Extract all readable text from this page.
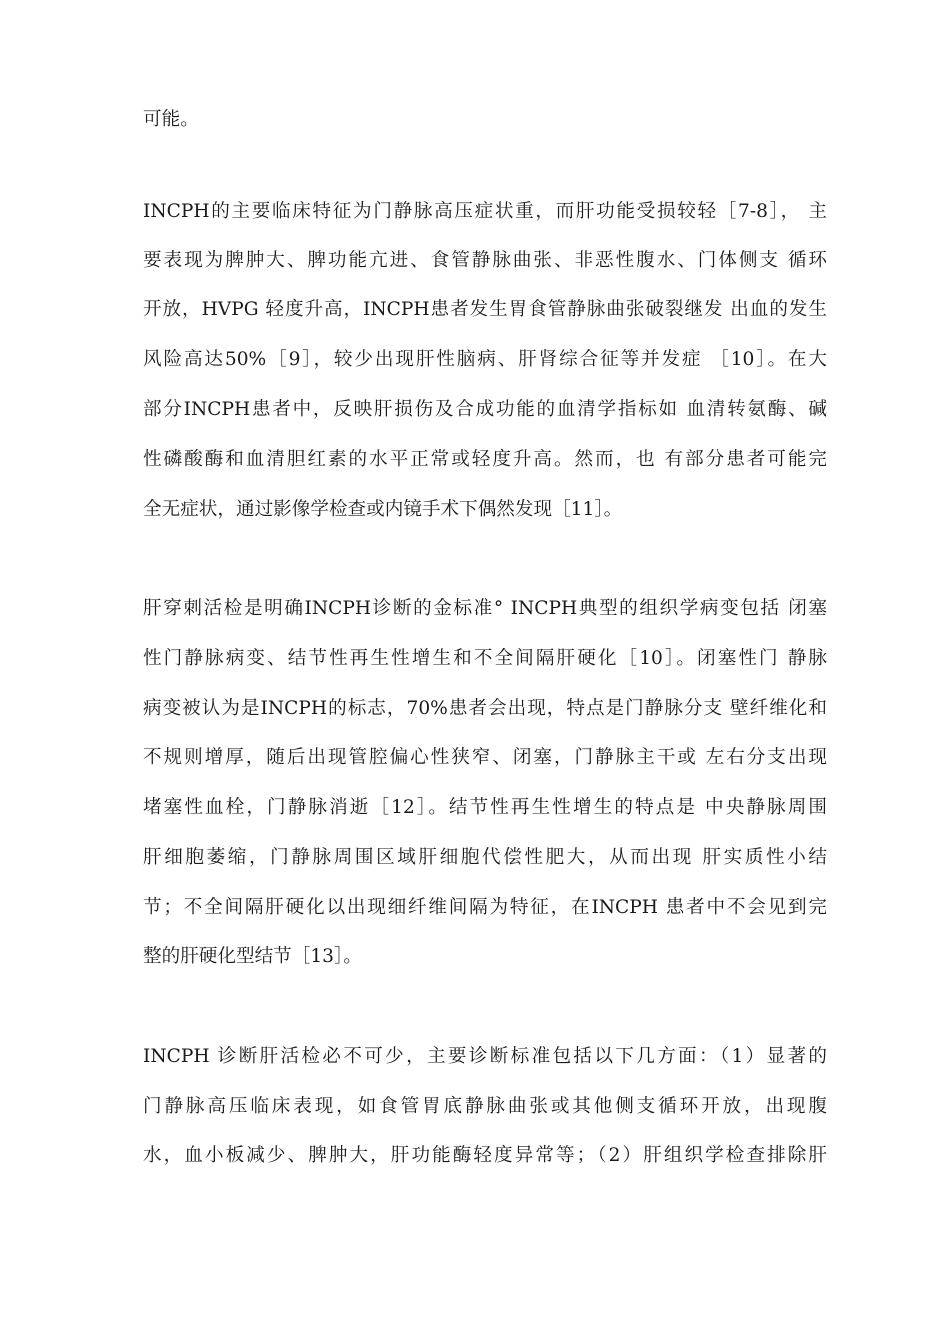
可能。
INCPH的主要临床特征为门静脉高压症状重，而肝功能受损较轻［7-8］， 主
要表现为脾肿大、脾功能亢进、食管静脉曲张、非恶性腹水、门体侧支 循环
开放，HVPG 轻度升高，INCPH患者发生胃食管静脉曲张破裂继发 出血的发生
风险高达50%［9］，较少出现肝性脑病、肝肾综合征等并发症 ［10］。在大
部分INCPH患者中，反映肝损伤及合成功能的血清学指标如 血清转氨酶、碱
性磷酸酶和血清胆红素的水平正常或轻度升高。然而，也 有部分患者可能完
全无症状，通过影像学检查或内镜手术下偶然发现［11］。
肝穿刺活检是明确INCPH诊断的金标准° INCPH典型的组织学病变包括 闭塞
性门静脉病变、结节性再生性增生和不全间隔肝硬化［10］。闭塞性门 静脉
病变被认为是INCPH的标志，70%患者会出现，特点是门静脉分支 壁纤维化和
不规则增厚，随后出现管腔偏心性狭窄、闭塞，门静脉主干或 左右分支出现
堵塞性血栓，门静脉消逝［12］。结节性再生性增生的特点是 中央静脉周围
肝细胞萎缩，门静脉周围区域肝细胞代偿性肥大，从而出现 肝实质性小结
节；不全间隔肝硬化以出现细纤维间隔为特征，在INCPH 患者中不会见到完
整的肝硬化型结节［13］。
INCPH 诊断肝活检必不可少，主要诊断标准包括以下几方面：（1）显著的
门静脉高压临床表现，如食管胃底静脉曲张或其他侧支循环开放，出现腹
水，血小板减少、脾肿大，肝功能酶轻度异常等；（2）肝组织学检查排除肝
